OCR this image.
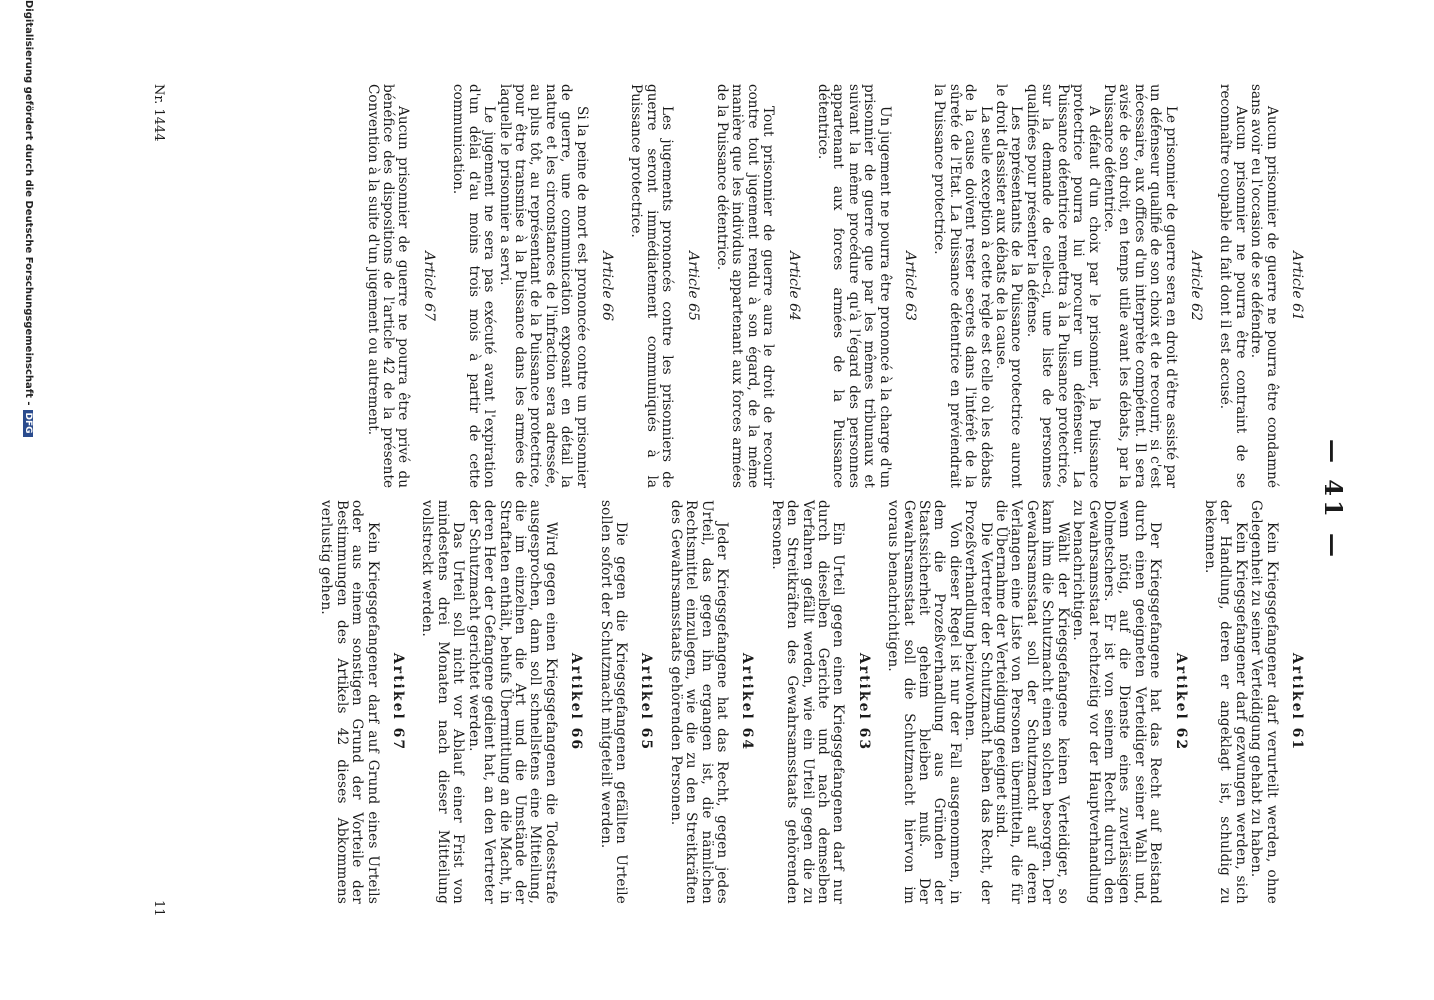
— 41 —
Article 61

Aucun prisonnier de guerre ne pourra être condamné sans avoir eu l'occasion de se défendre.

Aucun prisonnier ne pourra être contraint de se reconnaître coupable du fait dont il est accusé.

Article 62

Le prisonnier de guerre sera en droit d'être assisté par un défenseur qualifié de son choix et de recourir, si c'est nécessaire, aux offices d'un interprète compétent. Il sera avisé de son droit, en temps utile avant les débats, par la Puissance détentrice.

A défaut d'un choix par le prisonnier, la Puissance protectrice pourra lui procurer un défenseur. La Puissance détentrice remettra à la Puissance protectrice, sur la demande de celle-ci, une liste de personnes qualifiées pour présenter la défense.

Les représentants de la Puissance protectrice auront le droit d'assister aux débats de la cause.

La seule exception à cette règle est celle où les débats de la cause doivent rester secrets dans l'intérêt de la sûreté de l'Etat. La Puissance détentrice en préviendrait la Puissance protectrice.

Article 63

Un jugement ne pourra être prononcé à la charge d'un prisonnier de guerre que par les mêmes tribunaux et suivant la même procédure qu'à l'égard des personnes appartenant aux forces armées de la Puissance détentrice.

Article 64

Tout prisonnier de guerre aura le droit de recourir contre tout jugement rendu à son égard, de la même manière que les individus appartenant aux forces armées de la Puissance détentrice.

Article 65

Les jugements prononcés contre les prisonniers de guerre seront immédiatement communiqués à la Puissance protectrice.

Article 66

Si la peine de mort est prononcée contre un prisonnier de guerre, une communication exposant en détail la nature et les circonstances de l'infraction sera adressée, au plus tôt, au représentant de la Puissance protectrice, pour être transmise à la Puissance dans les armées de laquelle le prisonnier a servi.

Le jugement ne sera pas exécuté avant l'expiration d'un délai d'au moins trois mois à partir de cette communication.

Article 67

Aucun prisonnier de guerre ne pourra être privé du bénéfice des dispositions de l'article 42 de la présente Convention à la suite d'un jugement ou autrement.

Artikel 61

Kein Kriegsgefangener darf verurteilt werden, ohne Gelegenheit zu seiner Verteidigung gehabt zu haben.

Kein Kriegsgefangener darf gezwungen werden, sich der Handlung, deren er angeklagt ist, schuldig zu bekennen.

Artikel 62

Der Kriegsgefangene hat das Recht auf Beistand durch einen geeigneten Verteidiger seiner Wahl und, wenn nötig, auf die Dienste eines zuverlässigen Dolmetschers. Er ist von seinem Recht durch den Gewahrsamsstaat rechtzeitig vor der Hauptverhandlung zu benachrichtigen.

Wählt der Kriegsgefangene keinen Verteidiger, so kann ihm die Schutzmacht einen solchen besorgen. Der Gewahrsamsstaat soll der Schutzmacht auf deren Verlangen eine Liste von Personen übermitteln, die für die Übernahme der Verteidigung geeignet sind.

Die Vertreter der Schutzmacht haben das Recht, der Prozeßverhandlung beizuwohnen.

Von dieser Regel ist nur der Fall ausgenommen, in dem die Prozeßverhandlung aus Gründen der Staatssicherheit geheim bleiben muß. Der Gewahrsamsstaat soll die Schutzmacht hiervon im voraus benachrichtigen.

Artikel 63

Ein Urteil gegen einen Kriegsgefangenen darf nur durch dieselben Gerichte und nach demselben Verfahren gefällt werden, wie ein Urteil gegen die zu den Streitkräften des Gewahrsamsstaats gehörenden Personen.

Artikel 64

Jeder Kriegsgefangene hat das Recht, gegen jedes Urteil, das gegen ihn ergangen ist, die nämlichen Rechtsmittel einzulegen, wie die zu den Streitkräften des Gewahrsamsstaats gehörenden Personen.

Artikel 65

Die gegen die Kriegsgefangenen gefällten Urteile sollen sofort der Schutzmacht mitgeteilt werden.

Artikel 66

Wird gegen einen Kriegsgefangenen die Todesstrafe ausgesprochen, dann soll schnellstens eine Mitteilung, die im einzelnen die Art und die Umstände der Straftaten enthält, behufs Übermittlung an die Macht, in deren Heer der Gefangene gedient hat, an den Vertreter der Schutzmacht gerichtet werden.

Das Urteil soll nicht vor Ablauf einer Frist von mindestens drei Monaten nach dieser Mitteilung vollstreckt werden.

Artikel 67

Kein Kriegsgefangener darf auf Grund eines Urteils oder aus einem sonstigen Grund der Vorteile der Bestimmungen des Artikels 42 dieses Abkommens verlustig gehen.

Nr. 1444
11
Digitalisierung gefördert durch die Deutsche Forschungsgemeinschaft -DFG
